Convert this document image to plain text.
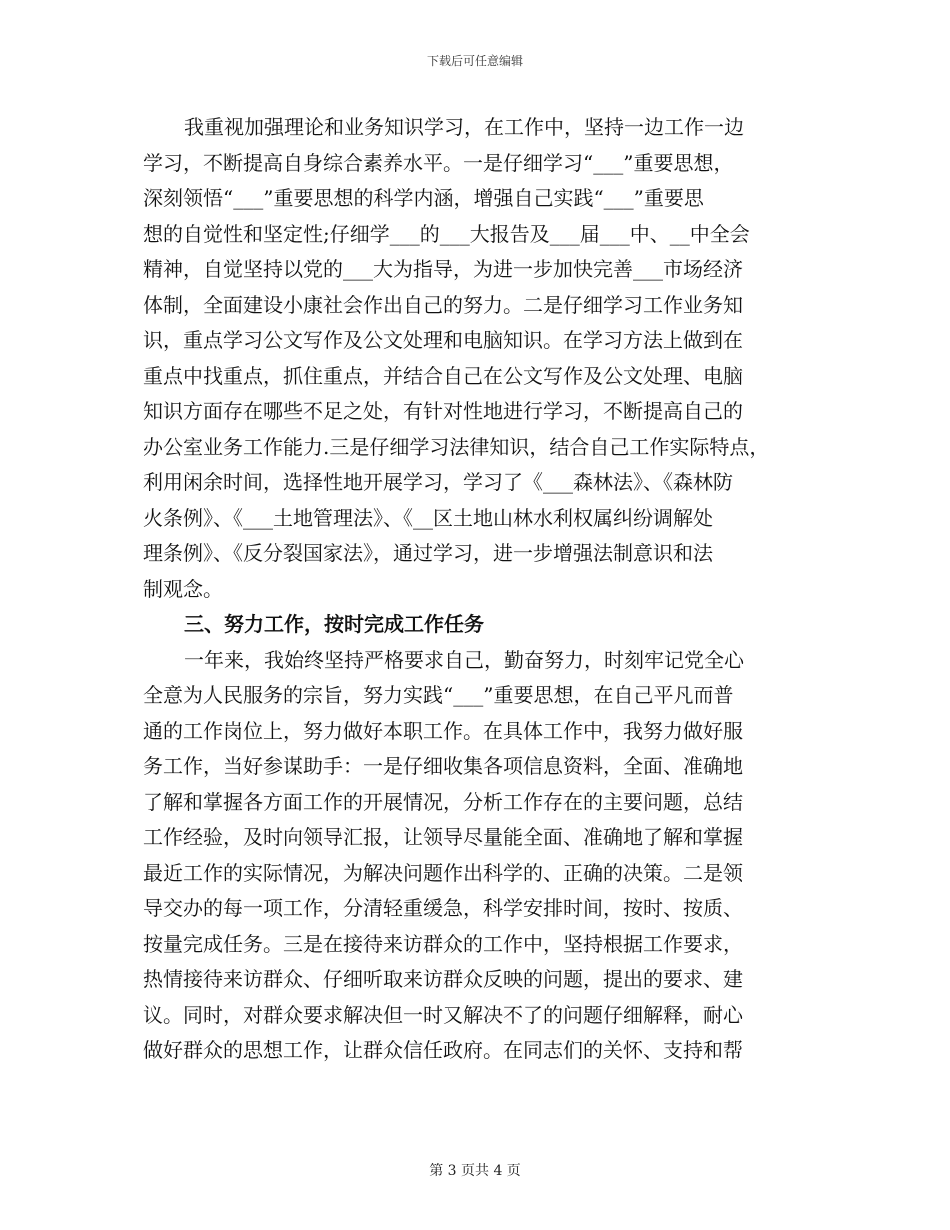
下载后可任意编辑
我重视加强理论和业务知识学习，在工作中，坚持一边工作一边
学习，不断提高自身综合素养水平。一是仔细学习“___”重要思想，
深刻领悟“___”重要思想的科学内涵，增强自己实践“___”重要思
想的自觉性和坚定性;仔细学___的___大报告及___届___中、__中全会
精神，自觉坚持以党的___大为指导，为进一步加快完善___市场经济
体制，全面建设小康社会作出自己的努力。二是仔细学习工作业务知
识，重点学习公文写作及公文处理和电脑知识。在学习方法上做到在
重点中找重点，抓住重点，并结合自己在公文写作及公文处理、电脑
知识方面存在哪些不足之处，有针对性地进行学习，不断提高自己的
办公室业务工作能力.三是仔细学习法律知识，结合自己工作实际特点，
利用闲余时间，选择性地开展学习，学习了《___森林法》、《森林防
火条例》、《___土地管理法》、《__区土地山林水利权属纠纷调解处
理条例》、《反分裂国家法》，通过学习，进一步增强法制意识和法
制观念。
三、努力工作，按时完成工作任务
一年来，我始终坚持严格要求自己，勤奋努力，时刻牢记党全心
全意为人民服务的宗旨，努力实践“___”重要思想，在自己平凡而普
通的工作岗位上，努力做好本职工作。在具体工作中，我努力做好服
务工作，当好参谋助手：一是仔细收集各项信息资料，全面、准确地
了解和掌握各方面工作的开展情况，分析工作存在的主要问题，总结
工作经验，及时向领导汇报，让领导尽量能全面、准确地了解和掌握
最近工作的实际情况，为解决问题作出科学的、正确的决策。二是领
导交办的每一项工作，分清轻重缓急，科学安排时间，按时、按质、
按量完成任务。三是在接待来访群众的工作中，坚持根据工作要求，
热情接待来访群众、仔细听取来访群众反映的问题，提出的要求、建
议。同时，对群众要求解决但一时又解决不了的问题仔细解释，耐心
做好群众的思想工作，让群众信任政府。在同志们的关怀、支持和帮
第 3 页共 4 页
